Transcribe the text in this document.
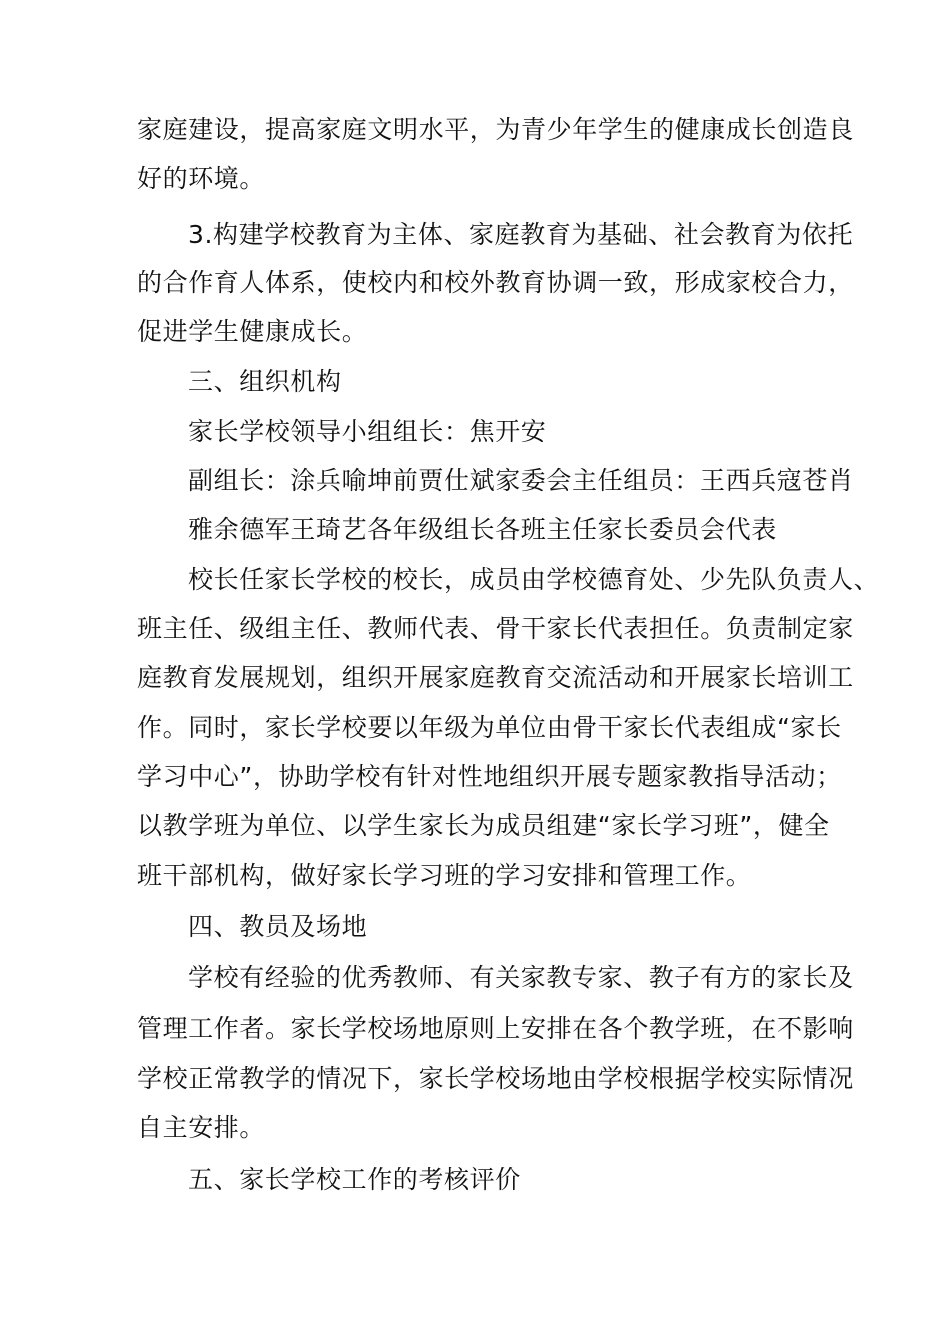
家庭建设，提高家庭文明水平，为青少年学生的健康成长创造良
好的环境。
3.构建学校教育为主体、家庭教育为基础、社会教育为依托
的合作育人体系，使校内和校外教育协调一致，形成家校合力，
促进学生健康成长。
三、组织机构
家长学校领导小组组长：焦开安
副组长：涂兵喻坤前贾仕斌家委会主任组员：王西兵寇苍肖
雅余德军王琦艺各年级组长各班主任家长委员会代表
校长任家长学校的校长，成员由学校德育处、少先队负责人、
班主任、级组主任、教师代表、骨干家长代表担任。负责制定家
庭教育发展规划，组织开展家庭教育交流活动和开展家长培训工
作。同时，家长学校要以年级为单位由骨干家长代表组成“家长
学习中心”，协助学校有针对性地组织开展专题家教指导活动；
以教学班为单位、以学生家长为成员组建“家长学习班”，健全
班干部机构，做好家长学习班的学习安排和管理工作。
四、教员及场地
学校有经验的优秀教师、有关家教专家、教子有方的家长及
管理工作者。家长学校场地原则上安排在各个教学班，在不影响
学校正常教学的情况下，家长学校场地由学校根据学校实际情况
自主安排。
五、家长学校工作的考核评价
